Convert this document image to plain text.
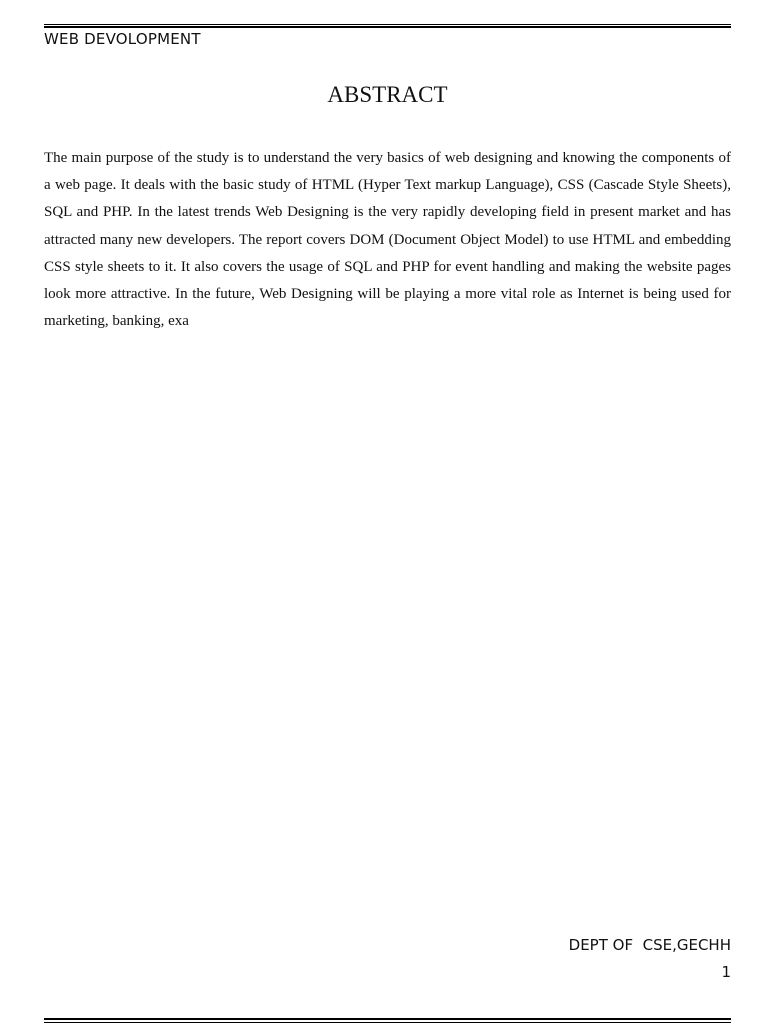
WEB DEVOLOPMENT
ABSTRACT
The main purpose of the study is to understand the very basics of web designing and knowing the components of a web page. It deals with the basic study of HTML (Hyper Text markup Language), CSS (Cascade Style Sheets), SQL and PHP. In the latest trends Web Designing is the very rapidly developing field in present market and has attracted many new developers. The report covers DOM (Document Object Model) to use HTML and embedding CSS style sheets to it. It also covers the usage of SQL and PHP for event handling and making the website pages look more attractive. In the future, Web Designing will be playing a more vital role as Internet is being used for marketing, banking, exa
DEPT OF  CSE,GECHH
1
